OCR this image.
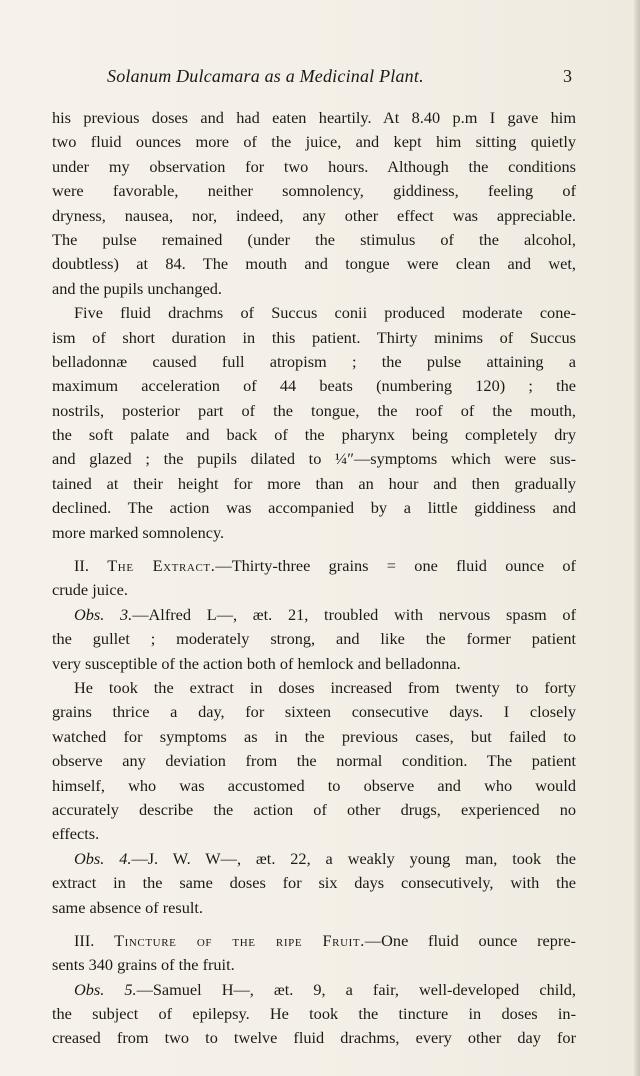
Solanum Dulcamara as a Medicinal Plant.	3
his previous doses and had eaten heartily. At 8.40 p.m I gave him
two fluid ounces more of the juice, and kept him sitting quietly
under my observation for two hours. Although the conditions
were favorable, neither somnolency, giddiness, feeling of
dryness, nausea, nor, indeed, any other effect was appreciable.
The pulse remained (under the stimulus of the alcohol,
doubtless) at 84. The mouth and tongue were clean and wet,
and the pupils unchanged.
Five fluid drachms of Succus conii produced moderate cone-
ism of short duration in this patient. Thirty minims of Succus
belladonnæ caused full atropism ; the pulse attaining a
maximum acceleration of 44 beats (numbering 120) ; the
nostrils, posterior part of the tongue, the roof of the mouth,
the soft palate and back of the pharynx being completely dry
and glazed ; the pupils dilated to ¼″—symptoms which were sus-
tained at their height for more than an hour and then gradually
declined. The action was accompanied by a little giddiness and
more marked somnolency.
II. The Extract.—Thirty-three grains = one fluid ounce of
crude juice.
Obs. 3.—Alfred L—, æt. 21, troubled with nervous spasm of
the gullet ; moderately strong, and like the former patient
very susceptible of the action both of hemlock and belladonna.
He took the extract in doses increased from twenty to forty
grains thrice a day, for sixteen consecutive days. I closely
watched for symptoms as in the previous cases, but failed to
observe any deviation from the normal condition. The patient
himself, who was accustomed to observe and who would
accurately describe the action of other drugs, experienced no
effects.
Obs. 4.—J. W. W—, æt. 22, a weakly young man, took the
extract in the same doses for six days consecutively, with the
same absence of result.
III. Tincture of the ripe Fruit.—One fluid ounce repre-
sents 340 grains of the fruit.
Obs. 5.—Samuel H—, æt. 9, a fair, well-developed child,
the subject of epilepsy. He took the tincture in doses in-
creased from two to twelve fluid drachms, every other day for
